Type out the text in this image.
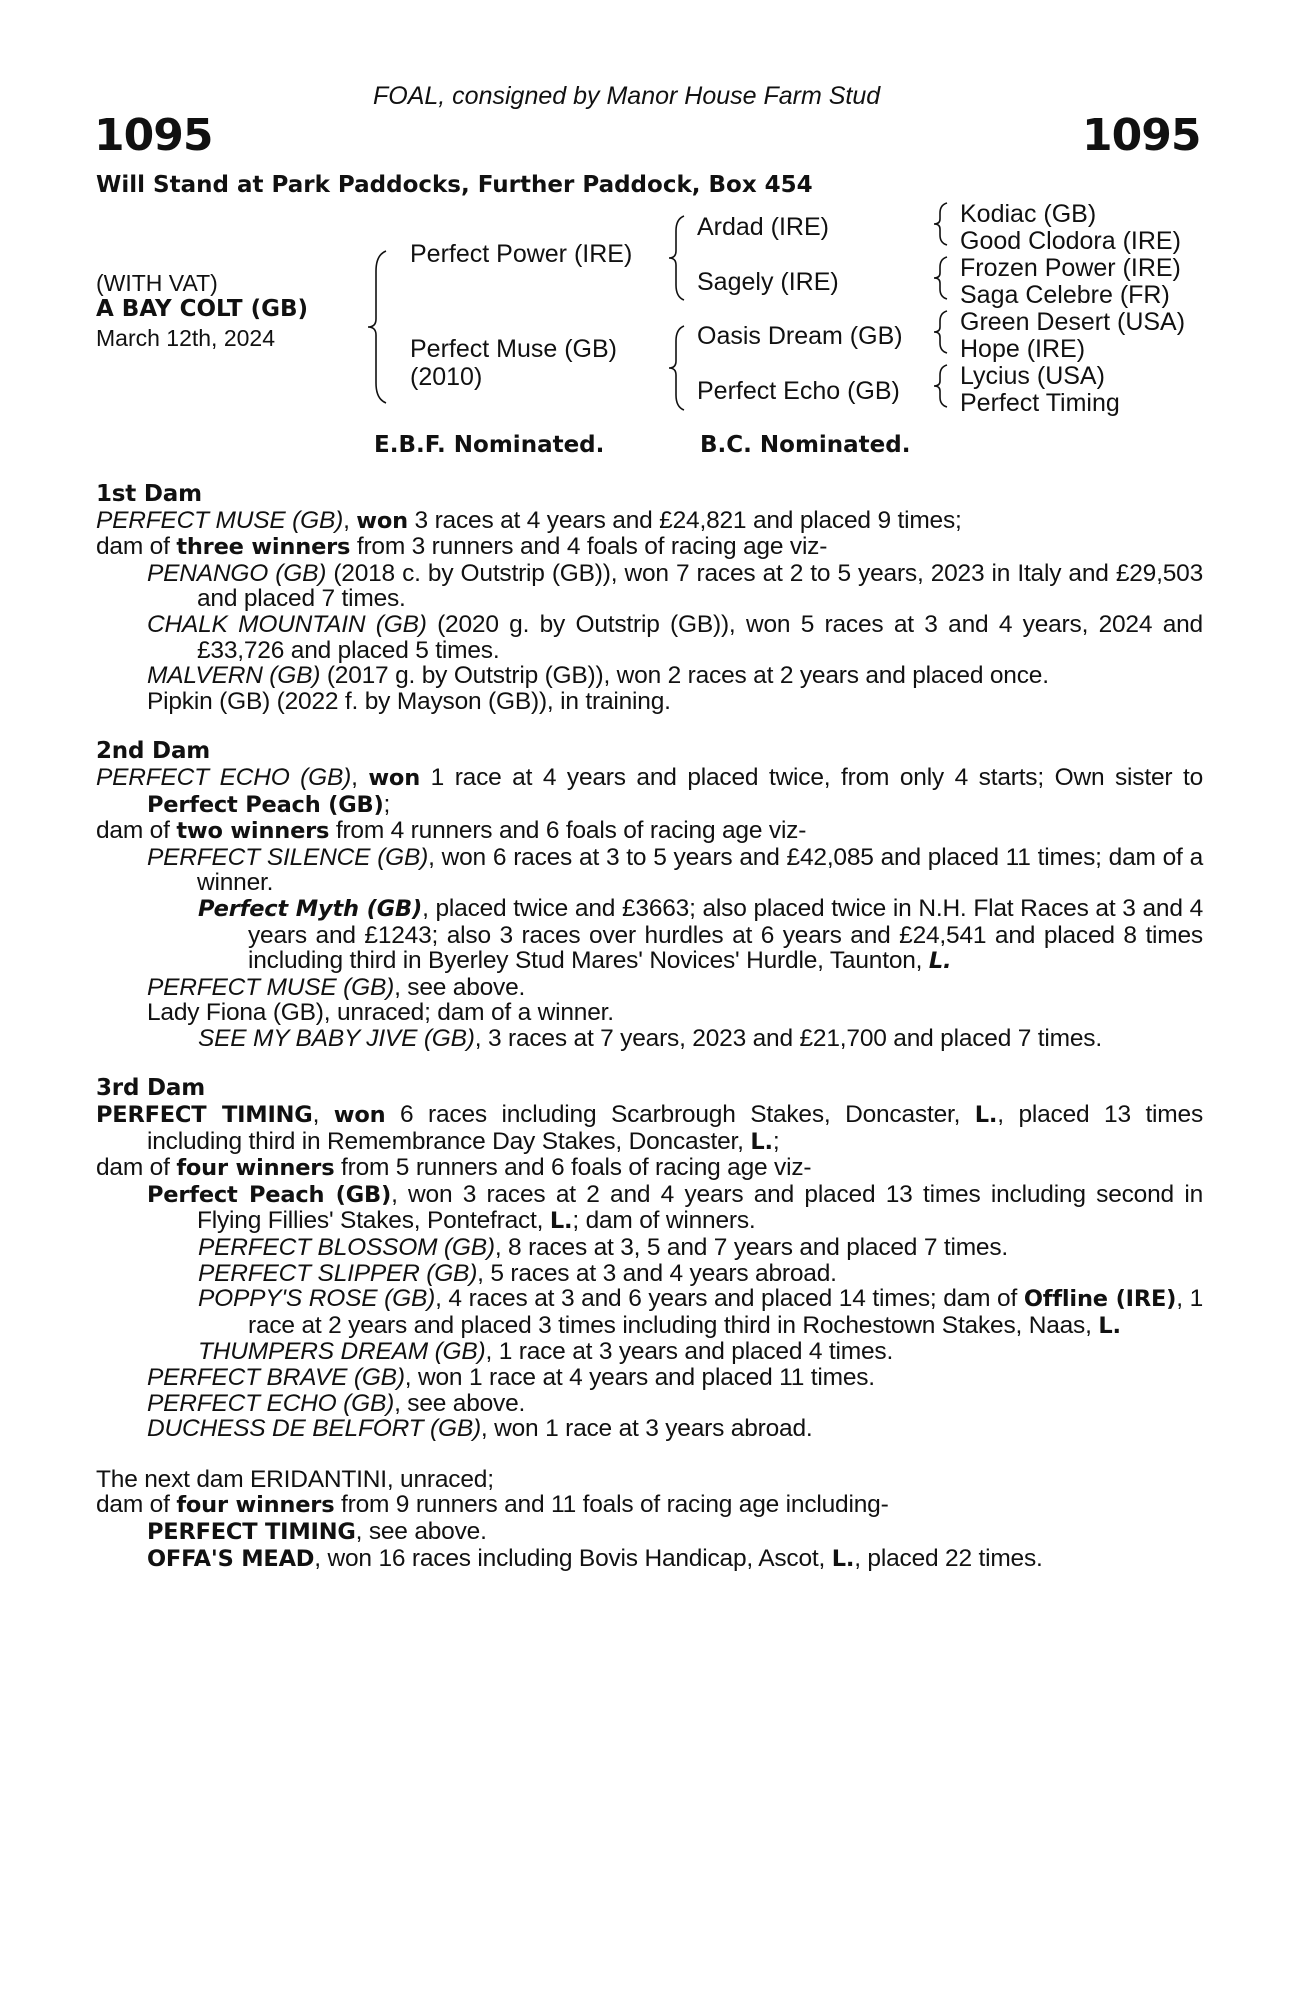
FOAL, consigned by Manor House Farm Stud
1095	1095
Will Stand at Park Paddocks, Further Paddock, Box 454
(WITH VAT)
A BAY COLT (GB)
March 12th, 2024
Perfect Power (IRE)
Perfect Muse (GB)
(2010)
Ardad (IRE)
Sagely (IRE)
Oasis Dream (GB)
Perfect Echo (GB)
Kodiac (GB)
Good Clodora (IRE)
Frozen Power (IRE)
Saga Celebre (FR)
Green Desert (USA)
Hope (IRE)
Lycius (USA)
Perfect Timing
E.B.F. Nominated.	B.C. Nominated.
1st Dam
PERFECT MUSE (GB), won 3 races at 4 years and £24,821 and placed 9 times;
dam of three winners from 3 runners and 4 foals of racing age viz-
PENANGO (GB) (2018 c. by Outstrip (GB)), won 7 races at 2 to 5 years, 2023 in Italy and £29,503 and placed 7 times.
CHALK MOUNTAIN (GB) (2020 g. by Outstrip (GB)), won 5 races at 3 and 4 years, 2024 and £33,726 and placed 5 times.
MALVERN (GB) (2017 g. by Outstrip (GB)), won 2 races at 2 years and placed once.
Pipkin (GB) (2022 f. by Mayson (GB)), in training.
2nd Dam
PERFECT ECHO (GB), won 1 race at 4 years and placed twice, from only 4 starts; Own sister to Perfect Peach (GB);
dam of two winners from 4 runners and 6 foals of racing age viz-
PERFECT SILENCE (GB), won 6 races at 3 to 5 years and £42,085 and placed 11 times; dam of a winner.
Perfect Myth (GB), placed twice and £3663; also placed twice in N.H. Flat Races at 3 and 4 years and £1243; also 3 races over hurdles at 6 years and £24,541 and placed 8 times including third in Byerley Stud Mares' Novices' Hurdle, Taunton, L.
PERFECT MUSE (GB), see above.
Lady Fiona (GB), unraced; dam of a winner.
SEE MY BABY JIVE (GB), 3 races at 7 years, 2023 and £21,700 and placed 7 times.
3rd Dam
PERFECT TIMING, won 6 races including Scarbrough Stakes, Doncaster, L., placed 13 times including third in Remembrance Day Stakes, Doncaster, L.;
dam of four winners from 5 runners and 6 foals of racing age viz-
Perfect Peach (GB), won 3 races at 2 and 4 years and placed 13 times including second in Flying Fillies' Stakes, Pontefract, L.; dam of winners.
PERFECT BLOSSOM (GB), 8 races at 3, 5 and 7 years and placed 7 times.
PERFECT SLIPPER (GB), 5 races at 3 and 4 years abroad.
POPPY'S ROSE (GB), 4 races at 3 and 6 years and placed 14 times; dam of Offline (IRE), 1 race at 2 years and placed 3 times including third in Rochestown Stakes, Naas, L.
THUMPERS DREAM (GB), 1 race at 3 years and placed 4 times.
PERFECT BRAVE (GB), won 1 race at 4 years and placed 11 times.
PERFECT ECHO (GB), see above.
DUCHESS DE BELFORT (GB), won 1 race at 3 years abroad.
The next dam ERIDANTINI, unraced;
dam of four winners from 9 runners and 11 foals of racing age including-
PERFECT TIMING, see above.
OFFA'S MEAD, won 16 races including Bovis Handicap, Ascot, L., placed 22 times.
